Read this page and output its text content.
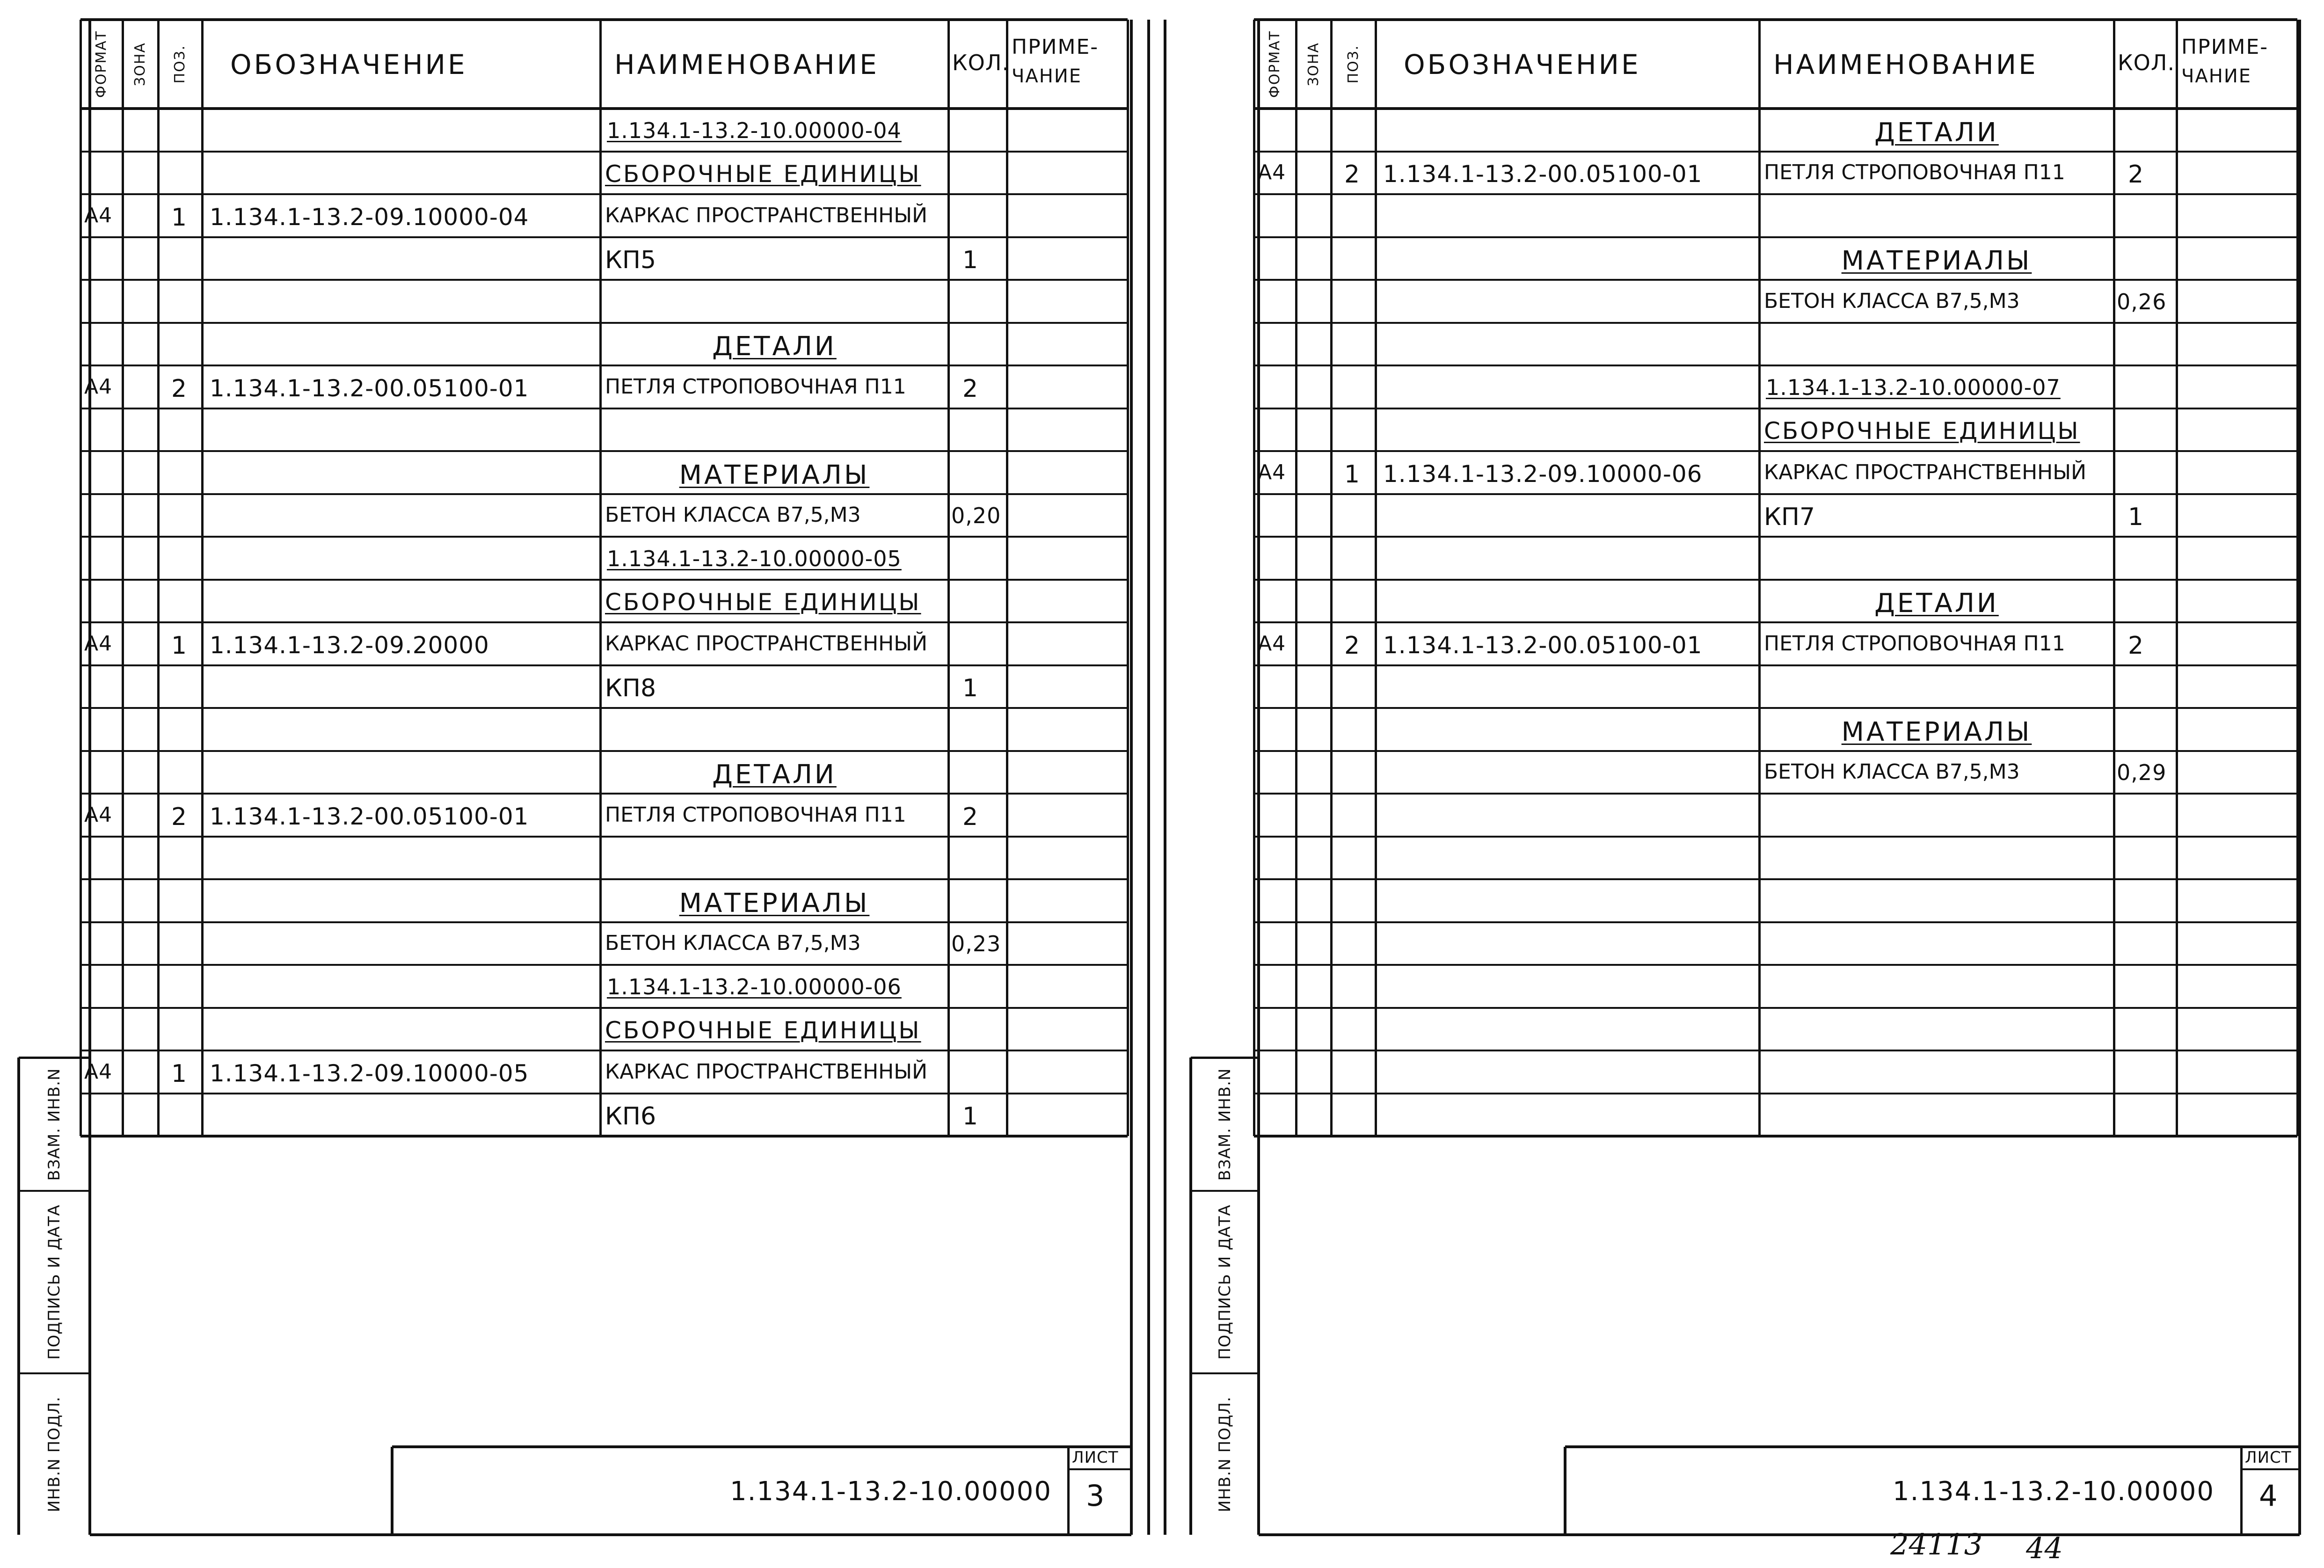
ФОРМАТ ЗОНА ПОЗ. ОБОЗНАЧЕНИЕ	НАИМЕНОВАНИЕ	КОЛ.
ПРИМЕ-
ЧАНИЕ
1.134.1-13.2-10.00000-04
СБОРОЧНЫЕ ЕДИНИЦЫ
А4 1 1.134.1-13.2-09.10000-04	КАРКАС ПРОСТРАНСТВЕННЫЙ
КП5	1
ДЕТАЛИ
А4 2 1.134.1-13.2-00.05100-01	ПЕТЛЯ СТРОПОВОЧНАЯ П11 2
МАТЕРИАЛЫ
БЕТОН КЛАССА В7,5,М3	0,20
1.134.1-13.2-10.00000-05
СБОРОЧНЫЕ ЕДИНИЦЫ
А4 1 1.134.1-13.2-09.20000	КАРКАС ПРОСТРАНСТВЕННЫЙ
КП8	1
ДЕТАЛИ
А4 2 1.134.1-13.2-00.05100-01	ПЕТЛЯ СТРОПОВОЧНАЯ П11 2
МАТЕРИАЛЫ
БЕТОН КЛАССА В7,5,М3	0,23
1.134.1-13.2-10.00000-06
СБОРОЧНЫЕ ЕДИНИЦЫ
А4 1 1.134.1-13.2-09.10000-05	КАРКАС ПРОСТРАНСТВЕННЫЙ
КП6	1
ВЗАМ. ИНВ.N
ПОДПИСЬ И ДАТА
ИНВ.N ПОДЛ.	1.134.1-13.2-10.00000
ЛИСТ
3
ФОРМАТ ЗОНА ПОЗ. ОБОЗНАЧЕНИЕ	НАИМЕНОВАНИЕ	КОЛ.
ПРИМЕ-
ЧАНИЕ
ДЕТАЛИ
А4 2 1.134.1-13.2-00.05100-01	ПЕТЛЯ СТРОПОВОЧНАЯ П11	2
МАТЕРИАЛЫ
БЕТОН КЛАССА В7,5,М3	0,26
1.134.1-13.2-10.00000-07
СБОРОЧНЫЕ ЕДИНИЦЫ
А4 1 1.134.1-13.2-09.10000-06	КАРКАС ПРОСТРАНСТВЕННЫЙ
КП7	1
ДЕТАЛИ
А4 2 1.134.1-13.2-00.05100-01	ПЕТЛЯ СТРОПОВОЧНАЯ П11	2
МАТЕРИАЛЫ
БЕТОН КЛАССА В7,5,М3	0,29
ВЗАМ. ИНВ.N
ПОДПИСЬ И ДАТА
ИНВ.N ПОДЛ.	1.134.1-13.2-10.00000
ЛИСТ
4
24113 44
